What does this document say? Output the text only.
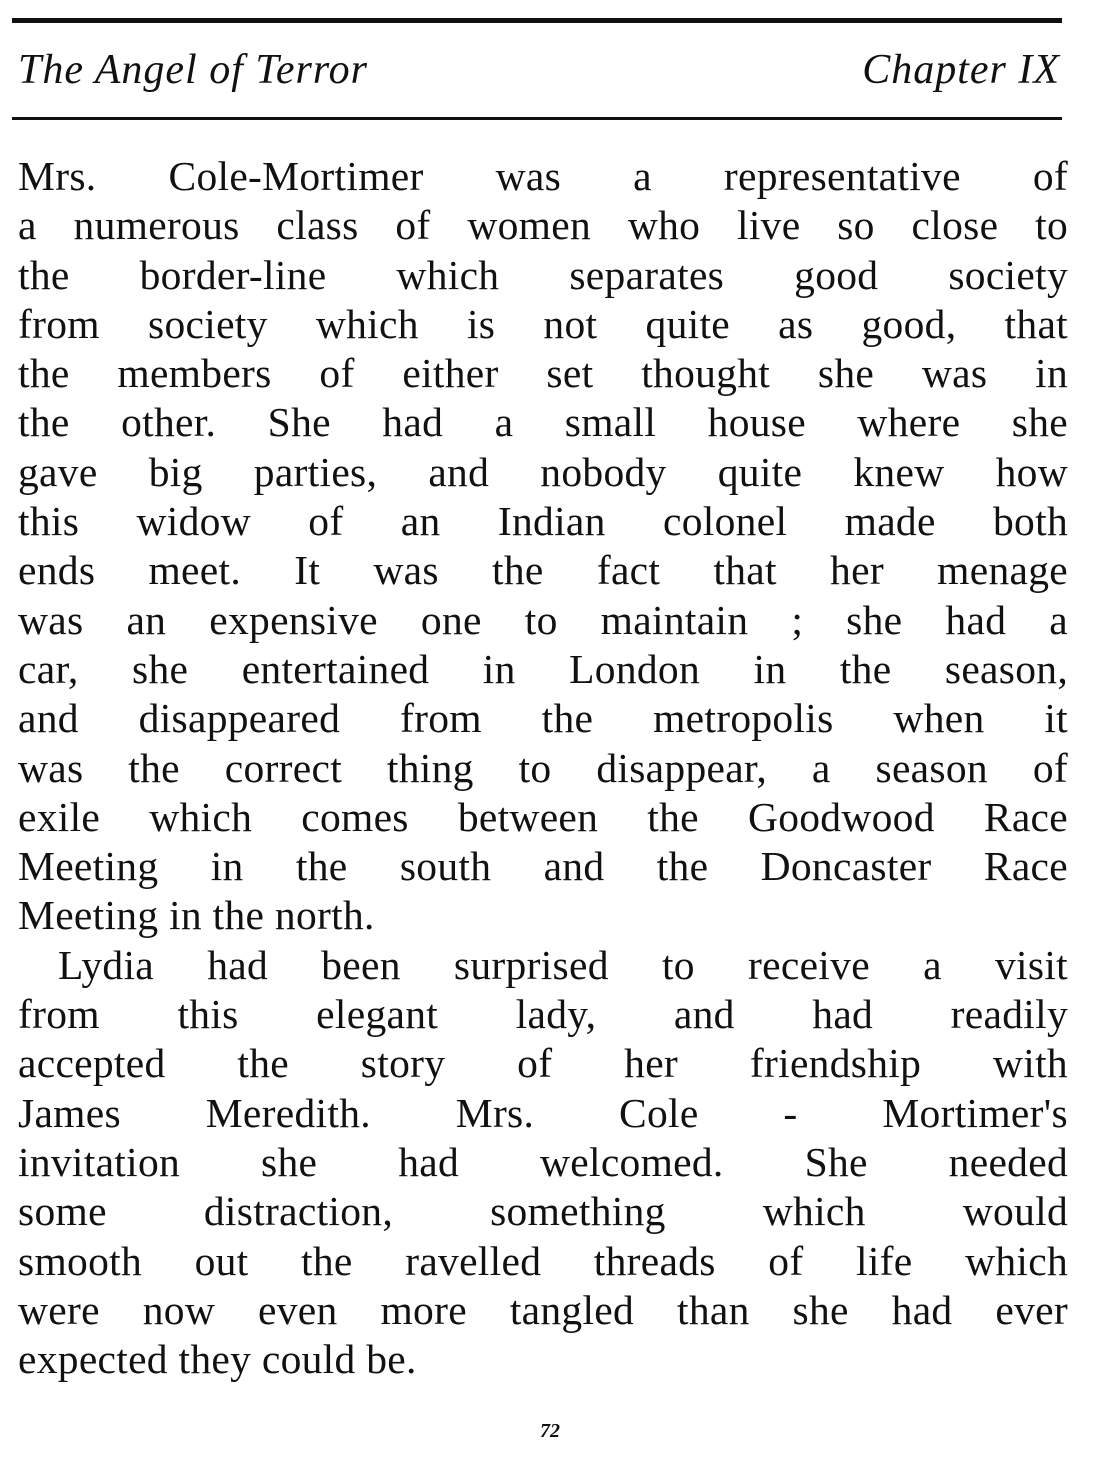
The Angel of Terror	Chapter IX
Mrs. Cole-Mortimer was a representative of
a numerous class of women who live so close to
the border-line which separates good society
from society which is not quite as good, that
the members of either set thought she was in
the other. She had a small house where she
gave big parties, and nobody quite knew how
this widow of an Indian colonel made both
ends meet. It was the fact that her menage
was an expensive one to maintain ; she had a
car, she entertained in London in the season,
and disappeared from the metropolis when it
was the correct thing to disappear, a season of
exile which comes between the Goodwood Race
Meeting in the south and the Doncaster Race
Meeting in the north.
Lydia had been surprised to receive a visit
from this elegant lady, and had readily
accepted the story of her friendship with
James Meredith. Mrs. Cole - Mortimer's
invitation she had welcomed. She needed
some distraction, something which would
smooth out the ravelled threads of life which
were now even more tangled than she had ever
expected they could be.
72
